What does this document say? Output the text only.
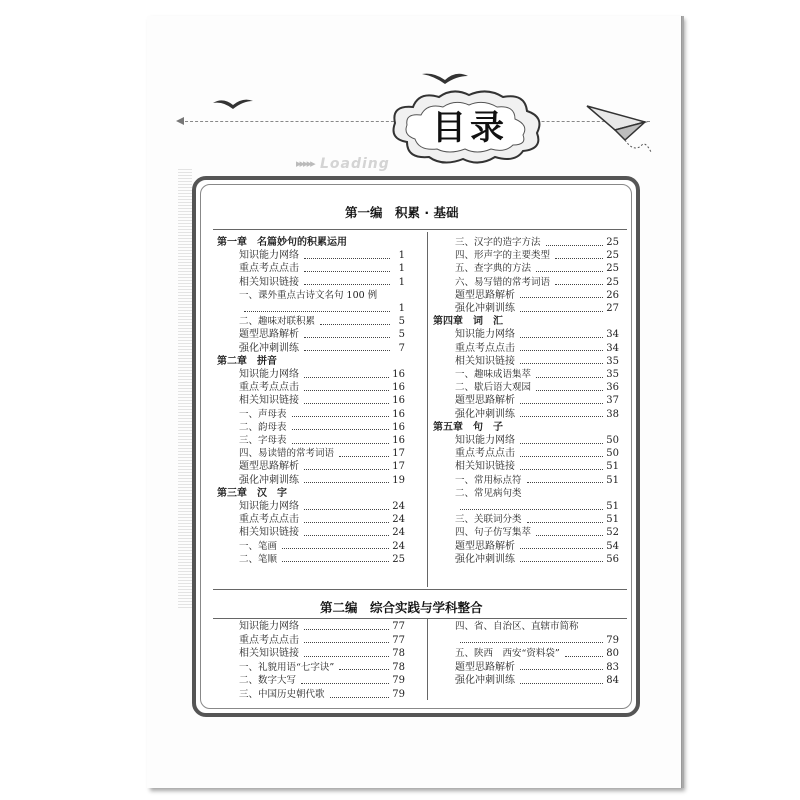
目录
▸▸▸▸▸ Loading
第一编　积累 · 基础
第一章　名篇妙句的积累运用
知识能力网络	1
重点考点点击	1
相关知识链接	1
一、课外重点古诗文名句 100 例
1
二、趣味对联积累	5
题型思路解析	5
强化冲刺训练	7
第二章　拼音
知识能力网络	16
重点考点点击	16
相关知识链接	16
一、声母表	16
二、韵母表	16
三、字母表	16
四、易读错的常考词语	17
题型思路解析	17
强化冲刺训练	19
第三章　汉　字
知识能力网络	24
重点考点点击	24
相关知识链接	24
一、笔画	24
二、笔顺	25
三、汉字的造字方法	25
四、形声字的主要类型	25
五、查字典的方法	25
六、易写错的常考词语	25
题型思路解析	26
强化冲刺训练	27
第四章　词　汇
知识能力网络	34
重点考点点击	34
相关知识链接	35
一、趣味成语集萃	35
二、歇后语大观园	36
题型思路解析	37
强化冲刺训练	38
第五章　句　子
知识能力网络	50
重点考点点击	50
相关知识链接	51
一、常用标点符	51
二、常见病句类
51
三、关联词分类	51
四、句子仿写集萃	52
题型思路解析	54
强化冲刺训练	56
第二编　综合实践与学科整合
知识能力网络	77
重点考点点击	77
相关知识链接	78
一、礼貌用语“七字诀”	78
二、数字大写	79
三、中国历史朝代歌	79
四、省、自治区、直辖市简称
79
五、陕西　西安“资料袋”	80
题型思路解析	83
强化冲刺训练	84
